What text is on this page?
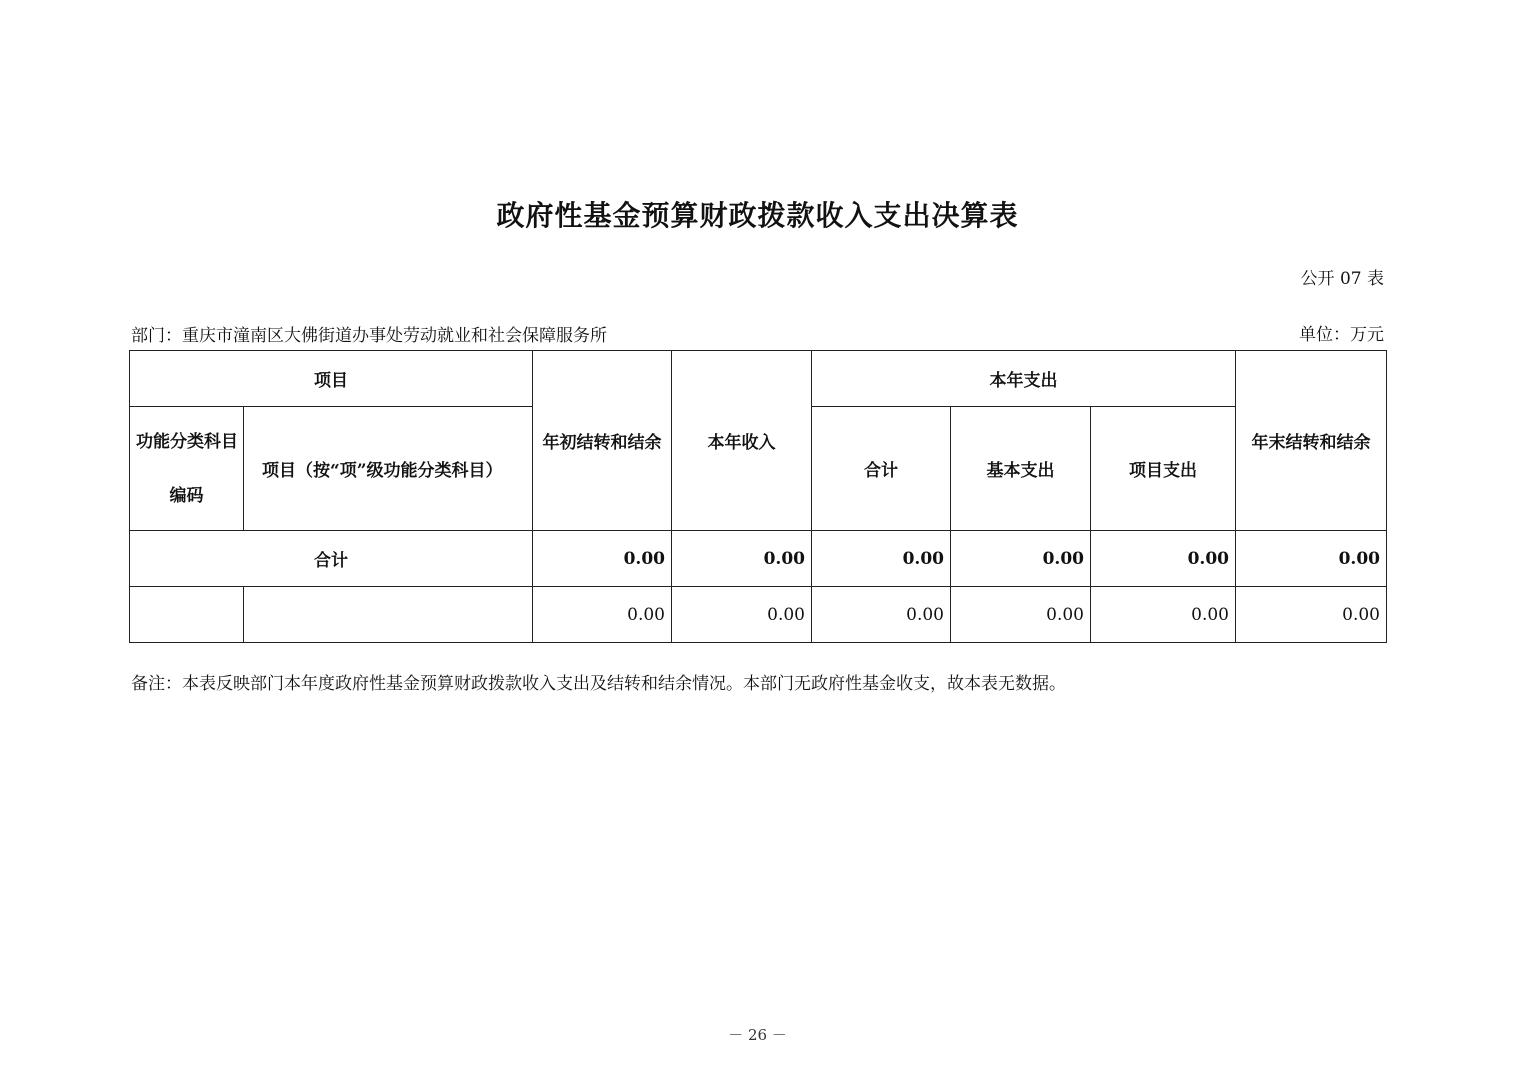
政府性基金预算财政拨款收入支出决算表
公开 07 表
部门：重庆市潼南区大佛街道办事处劳动就业和社会保障服务所	单位：万元
项目		年初结转和结余	本年收入	本年支出			年末结转和结余

功能分类科目
编码	项目（按“项”级功能分类科目）			合计	基本支出	项目支出	
合计		0.00	0.00	0.00	0.00	0.00	0.00
		0.00	0.00	0.00	0.00	0.00	0.00
备注：本表反映部门本年度政府性基金预算财政拨款收入支出及结转和结余情况。本部门无政府性基金收支，故本表无数据。
－ 26 －
